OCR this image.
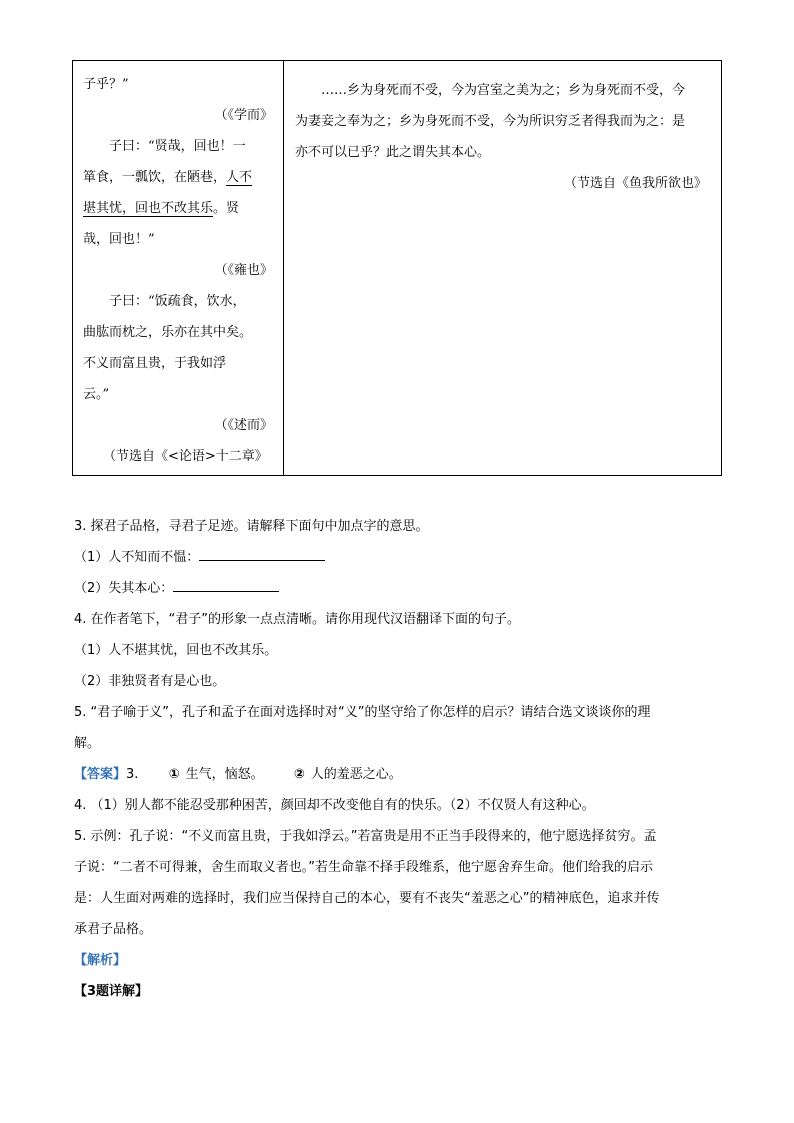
子乎？”
（《学而》
子曰：“贤哉，回也！一
箪食，一瓢饮，在陋巷，人不
堪其忧，回也不改其乐。贤
哉，回也！”
（《雍也》
子曰：“饭疏食，饮水，
曲肱而枕之，乐亦在其中矣。
不义而富且贵，于我如浮
云。”
（《述而》
（节选自《<论语>十二章》
……乡为身死而不受，今为宫室之美为之；乡为身死而不受，今
为妻妾之奉为之；乡为身死而不受，今为所识穷乏者得我而为之：是
亦不可以已乎？此之谓失其本心。
（节选自《鱼我所欲也》

3. 探君子品格，寻君子足迹。请解释下面句中加点字的意思。

（1）人不知而不愠：

（2）失其本心：

4. 在作者笔下，“君子”的形象一点点清晰。请你用现代汉语翻译下面的句子。

（1）人不堪其忧，回也不改其乐。

（2）非独贤者有是心也。

5. “君子喻于义”，孔子和孟子在面对选择时对“义”的坚守给了你怎样的启示？请结合选文谈谈你的理

解。

【答案】3. ① 生气，恼怒。 ② 人的羞恶之心。

4. （1）别人都不能忍受那种困苦，颜回却不改变他自有的快乐。（2）不仅贤人有这种心。

5. 示例：孔子说：“不义而富且贵，于我如浮云。”若富贵是用不正当手段得来的，他宁愿选择贫穷。孟

子说：“二者不可得兼，舍生而取义者也。”若生命靠不择手段维系，他宁愿舍弃生命。他们给我的启示

是：人生面对两难的选择时，我们应当保持自己的本心，要有不丧失“羞恶之心”的精神底色，追求并传

承君子品格。

【解析】

【3题详解】
